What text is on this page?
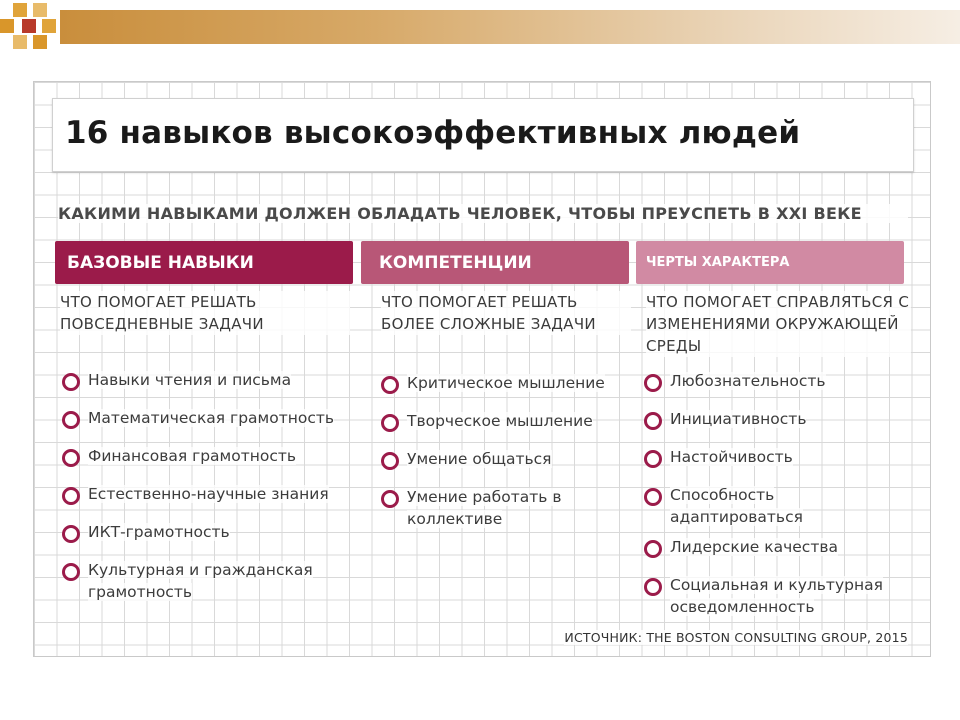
16 навыков высокоэффективных людей
КАКИМИ НАВЫКАМИ ДОЛЖЕН ОБЛАДАТЬ ЧЕЛОВЕК, ЧТОБЫ ПРЕУСПЕТЬ В XXI ВЕКЕ
БАЗОВЫЕ НАВЫКИ	КОМПЕТЕНЦИИ	ЧЕРТЫ ХАРАКТЕРА
ЧТО ПОМОГАЕТ РЕШАТЬ ПОВСЕДНЕВНЫЕ ЗАДАЧИ
ЧТО ПОМОГАЕТ РЕШАТЬ БОЛЕЕ СЛОЖНЫЕ ЗАДАЧИ
ЧТО ПОМОГАЕТ СПРАВЛЯТЬСЯ С ИЗМЕНЕНИЯМИ ОКРУЖАЮЩЕЙ СРЕДЫ
Навыки чтения и письма
Математическая грамотность
Финансовая грамотность
Естественно-научные знания
ИКТ-грамотность
Культурная и гражданская грамотность
Критическое мышление
Творческое мышление
Умение общаться
Умение работать в коллективе
Любознательность
Инициативность
Настойчивость
Способность адаптироваться
Лидерские качества
Социальная и культурная осведомленность
ИСТОЧНИК: THE BOSTON CONSULTING GROUP, 2015
